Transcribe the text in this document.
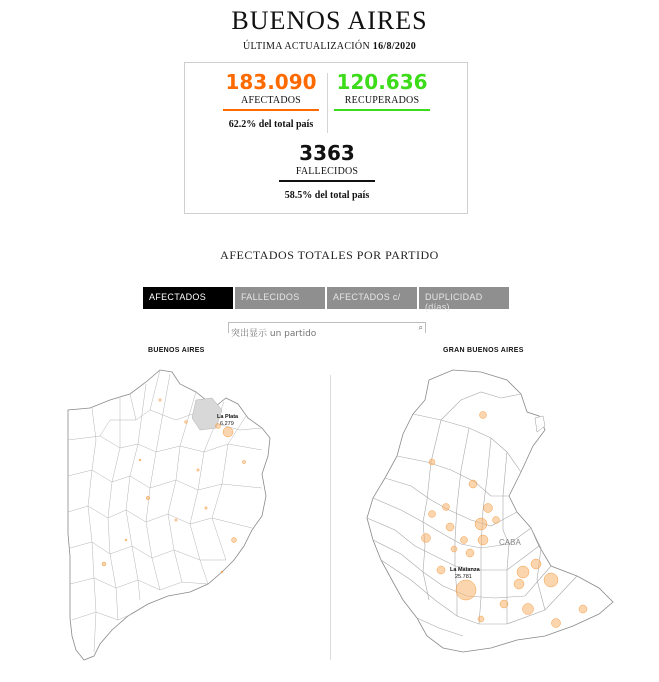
BUENOS AIRES
ÚLTIMA ACTUALIZACIÓN 16/8/2020
183.090
AFECTADOS
62.2% del total país
120.636
RECUPERADOS
3363
FALLECIDOS
58.5% del total país
AFECTADOS TOTALES POR PARTIDO
AFECTADOS	FALLECIDOS	AFECTADOS c/	DUPLICIDAD (días)
突出显示 un partido
⌕
BUENOS AIRES	GRAN BUENOS AIRES
La Plata
6.279
CABA
La Matanza
25.781
